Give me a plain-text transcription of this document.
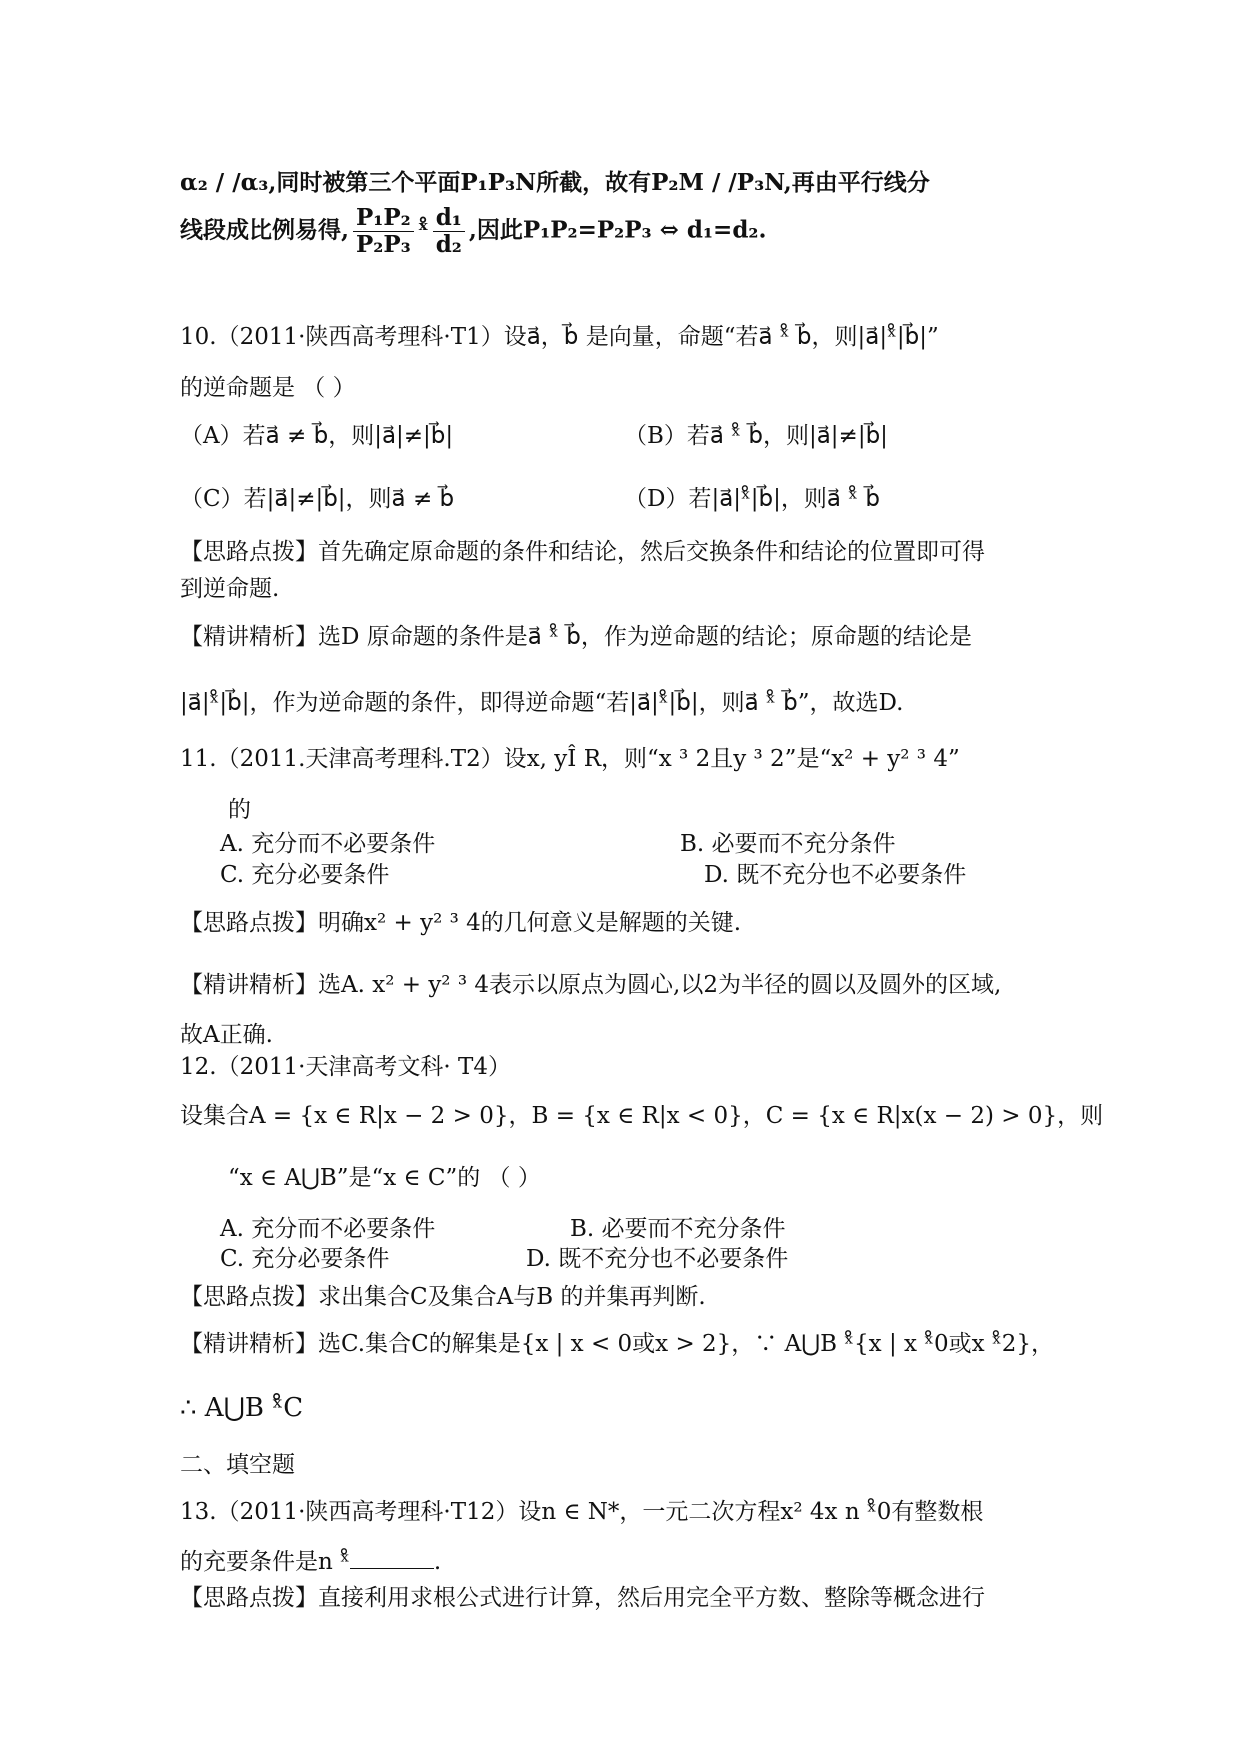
α₂ / /α₃,同时被第三个平面P₁P₃N所截，故有P₂M / /P₃N,再由平行线分
线段成比例易得, $\frac{\text{P₁P₂}}{\text{P₂P₃}}$ ˣ̊ $\frac{\text{d₁}}{\text{d₂}}$ ,因此P₁P₂=P₂P₃ ⇔ d₁=d₂.
10.（2011·陕西高考理科·T1）设a⃗，b⃗ 是向量，命题“若a⃗ ˣ̊ b⃗，则|a⃗|ˣ̊|b⃗|”
的逆命题是 （ ）
（A）若a⃗ ≠ b⃗，则|a⃗|≠|b⃗|	（B）若a⃗ ˣ̊ b⃗，则|a⃗|≠|b⃗|
（C）若|a⃗|≠|b⃗|，则a⃗ ≠ b⃗	（D）若|a⃗|ˣ̊|b⃗|，则a⃗ ˣ̊ b⃗
【思路点拨】首先确定原命题的条件和结论，然后交换条件和结论的位置即可得
到逆命题.
【精讲精析】选D 原命题的条件是a⃗ ˣ̊ b⃗，作为逆命题的结论；原命题的结论是
|a⃗|ˣ̊|b⃗|，作为逆命题的条件，即得逆命题“若|a⃗|ˣ̊|b⃗|，则a⃗ ˣ̊ b⃗”，故选D.
11.（2011.天津高考理科.T2）设x, yÎ R，则“x ³ 2且y ³ 2”是“x² + y² ³ 4”
的
A. 充分而不必要条件	B. 必要而不充分条件
C. 充分必要条件	D. 既不充分也不必要条件
【思路点拨】明确x² + y² ³ 4的几何意义是解题的关键.
【精讲精析】选A. x² + y² ³ 4表示以原点为圆心,以2为半径的圆以及圆外的区域,
故A正确.
12.（2011·天津高考文科· T4）
设集合A = {x ∈ R|x − 2 > 0}，B = {x ∈ R|x < 0}，C = {x ∈ R|x(x − 2) > 0}，则
“x ∈ A⋃B”是“x ∈ C”的 （ ）
A. 充分而不必要条件	B. 必要而不充分条件
C. 充分必要条件	D. 既不充分也不必要条件
【思路点拨】求出集合C及集合A与B 的并集再判断.
【精讲精析】选C.集合C的解集是{x | x < 0或x > 2}，∵ A⋃B ˣ̊{x | x ˣ̊0或x ˣ̊2}，
∴ A⋃B ˣ̊C
二、填空题
13.（2011·陕西高考理科·T12）设n ∈ N*，一元二次方程x² 4x n ˣ̊0有整数根
的充要条件是n ˣ̊	.
【思路点拨】直接利用求根公式进行计算，然后用完全平方数、整除等概念进行
